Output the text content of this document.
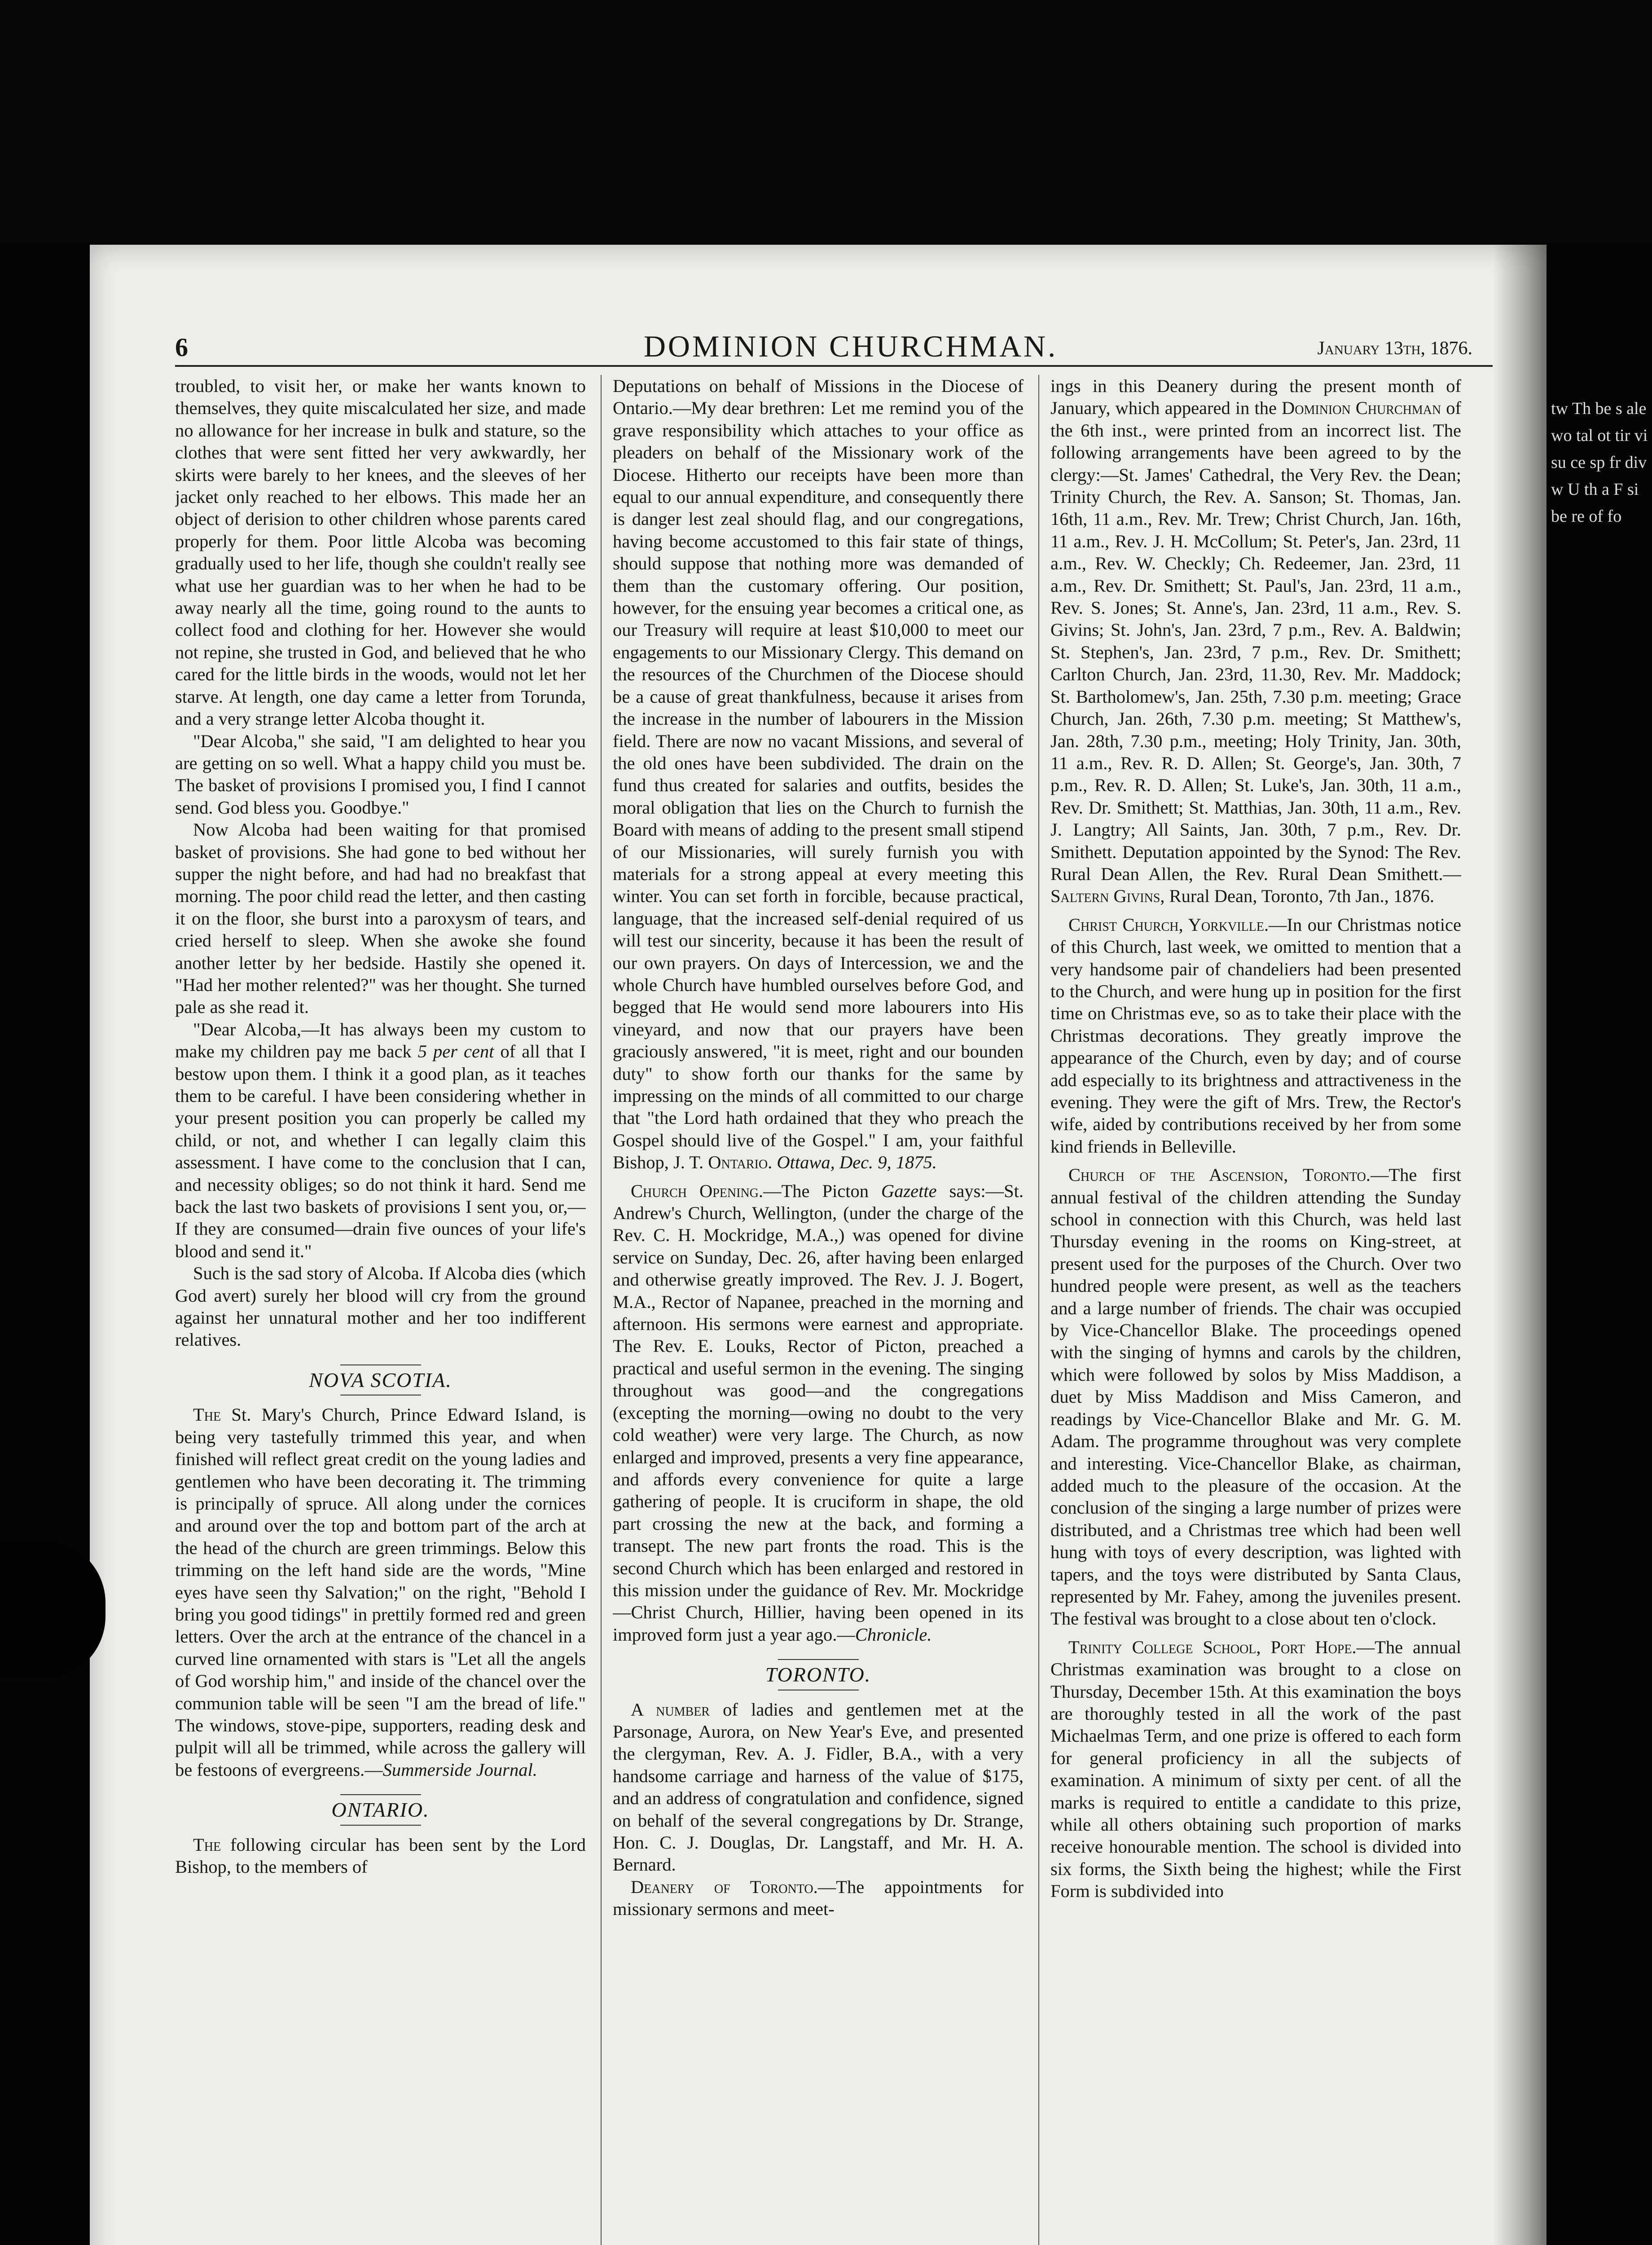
6	DOMINION CHURCHMAN.	January 13th, 1876.

troubled, to visit her, or make her wants known to themselves, they quite miscalculated her size, and made no allowance for her increase in bulk and stature, so the clothes that were sent fitted her very awkwardly, her skirts were barely to her knees, and the sleeves of her jacket only reached to her elbows. This made her an object of derision to other children whose parents cared properly for them. Poor little Alcoba was becoming gradually used to her life, though she couldn't really see what use her guardian was to her when he had to be away nearly all the time, going round to the aunts to collect food and clothing for her. However she would not repine, she trusted in God, and believed that he who cared for the little birds in the woods, would not let her starve. At length, one day came a letter from Torunda, and a very strange letter Alcoba thought it.

"Dear Alcoba," she said, "I am delighted to hear you are getting on so well. What a happy child you must be. The basket of provisions I promised you, I find I cannot send. God bless you. Goodbye."

Now Alcoba had been waiting for that promised basket of provisions. She had gone to bed without her supper the night before, and had had no breakfast that morning. The poor child read the letter, and then casting it on the floor, she burst into a paroxysm of tears, and cried herself to sleep. When she awoke she found another letter by her bedside. Hastily she opened it. "Had her mother relented?" was her thought. She turned pale as she read it.

"Dear Alcoba,—It has always been my custom to make my children pay me back 5 per cent of all that I bestow upon them. I think it a good plan, as it teaches them to be careful. I have been considering whether in your present position you can properly be called my child, or not, and whether I can legally claim this assessment. I have come to the conclusion that I can, and necessity obliges; so do not think it hard. Send me back the last two baskets of provisions I sent you, or,—If they are consumed—drain five ounces of your life's blood and send it."

Such is the sad story of Alcoba. If Alcoba dies (which God avert) surely her blood will cry from the ground against her unnatural mother and her too indifferent relatives.

NOVA SCOTIA.

The St. Mary's Church, Prince Edward Island, is being very tastefully trimmed this year, and when finished will reflect great credit on the young ladies and gentlemen who have been decorating it. The trimming is principally of spruce. All along under the cornices and around over the top and bottom part of the arch at the head of the church are green trimmings. Below this trimming on the left hand side are the words, "Mine eyes have seen thy Salvation;" on the right, "Behold I bring you good tidings" in prettily formed red and green letters. Over the arch at the entrance of the chancel in a curved line ornamented with stars is "Let all the angels of God worship him," and inside of the chancel over the communion table will be seen "I am the bread of life." The windows, stove-pipe, supporters, reading desk and pulpit will all be trimmed, while across the gallery will be festoons of evergreens.—Summerside Journal.

ONTARIO.

The following circular has been sent by the Lord Bishop, to the members of

Deputations on behalf of Missions in the Diocese of Ontario.—My dear brethren: Let me remind you of the grave responsibility which attaches to your office as pleaders on behalf of the Missionary work of the Diocese. Hitherto our receipts have been more than equal to our annual expenditure, and consequently there is danger lest zeal should flag, and our congregations, having become accustomed to this fair state of things, should suppose that nothing more was demanded of them than the customary offering. Our position, however, for the ensuing year becomes a critical one, as our Treasury will require at least $10,000 to meet our engagements to our Missionary Clergy. This demand on the resources of the Churchmen of the Diocese should be a cause of great thankfulness, because it arises from the increase in the number of labourers in the Mission field. There are now no vacant Missions, and several of the old ones have been subdivided. The drain on the fund thus created for salaries and outfits, besides the moral obligation that lies on the Church to furnish the Board with means of adding to the present small stipend of our Missionaries, will surely furnish you with materials for a strong appeal at every meeting this winter. You can set forth in forcible, because practical, language, that the increased self-denial required of us will test our sincerity, because it has been the result of our own prayers. On days of Intercession, we and the whole Church have humbled ourselves before God, and begged that He would send more labourers into His vineyard, and now that our prayers have been graciously answered, "it is meet, right and our bounden duty" to show forth our thanks for the same by impressing on the minds of all committed to our charge that "the Lord hath ordained that they who preach the Gospel should live of the Gospel." I am, your faithful Bishop, J. T. Ontario. Ottawa, Dec. 9, 1875.

Church Opening.—The Picton Gazette says:—St. Andrew's Church, Wellington, (under the charge of the Rev. C. H. Mockridge, M.A.,) was opened for divine service on Sunday, Dec. 26, after having been enlarged and otherwise greatly improved. The Rev. J. J. Bogert, M.A., Rector of Napanee, preached in the morning and afternoon. His sermons were earnest and appropriate. The Rev. E. Louks, Rector of Picton, preached a practical and useful sermon in the evening. The singing throughout was good—and the congregations (excepting the morning—owing no doubt to the very cold weather) were very large. The Church, as now enlarged and improved, presents a very fine appearance, and affords every convenience for quite a large gathering of people. It is cruciform in shape, the old part crossing the new at the back, and forming a transept. The new part fronts the road. This is the second Church which has been enlarged and restored in this mission under the guidance of Rev. Mr. Mockridge—Christ Church, Hillier, having been opened in its improved form just a year ago.—Chronicle.

TORONTO.

A number of ladies and gentlemen met at the Parsonage, Aurora, on New Year's Eve, and presented the clergyman, Rev. A. J. Fidler, B.A., with a very handsome carriage and harness of the value of $175, and an address of congratulation and confidence, signed on behalf of the several congregations by Dr. Strange, Hon. C. J. Douglas, Dr. Langstaff, and Mr. H. A. Bernard.

Deanery of Toronto.—The appointments for missionary sermons and meet-

ings in this Deanery during the present month of January, which appeared in the Dominion Churchman of the 6th inst., were printed from an incorrect list. The following arrangements have been agreed to by the clergy:—St. James' Cathedral, the Very Rev. the Dean; Trinity Church, the Rev. A. Sanson; St. Thomas, Jan. 16th, 11 a.m., Rev. Mr. Trew; Christ Church, Jan. 16th, 11 a.m., Rev. J. H. McCollum; St. Peter's, Jan. 23rd, 11 a.m., Rev. W. Checkly; Ch. Redeemer, Jan. 23rd, 11 a.m., Rev. Dr. Smithett; St. Paul's, Jan. 23rd, 11 a.m., Rev. S. Jones; St. Anne's, Jan. 23rd, 11 a.m., Rev. S. Givins; St. John's, Jan. 23rd, 7 p.m., Rev. A. Baldwin; St. Stephen's, Jan. 23rd, 7 p.m., Rev. Dr. Smithett; Carlton Church, Jan. 23rd, 11.30, Rev. Mr. Maddock; St. Bartholomew's, Jan. 25th, 7.30 p.m. meeting; Grace Church, Jan. 26th, 7.30 p.m. meeting; St Matthew's, Jan. 28th, 7.30 p.m., meeting; Holy Trinity, Jan. 30th, 11 a.m., Rev. R. D. Allen; St. George's, Jan. 30th, 7 p.m., Rev. R. D. Allen; St. Luke's, Jan. 30th, 11 a.m., Rev. Dr. Smithett; St. Matthias, Jan. 30th, 11 a.m., Rev. J. Langtry; All Saints, Jan. 30th, 7 p.m., Rev. Dr. Smithett. Deputation appointed by the Synod: The Rev. Rural Dean Allen, the Rev. Rural Dean Smithett.—Saltern Givins, Rural Dean, Toronto, 7th Jan., 1876.

Christ Church, Yorkville.—In our Christmas notice of this Church, last week, we omitted to mention that a very handsome pair of chandeliers had been presented to the Church, and were hung up in position for the first time on Christmas eve, so as to take their place with the Christmas decorations. They greatly improve the appearance of the Church, even by day; and of course add especially to its brightness and attractiveness in the evening. They were the gift of Mrs. Trew, the Rector's wife, aided by contributions received by her from some kind friends in Belleville.

Church of the Ascension, Toronto.—The first annual festival of the children attending the Sunday school in connection with this Church, was held last Thursday evening in the rooms on King-street, at present used for the purposes of the Church. Over two hundred people were present, as well as the teachers and a large number of friends. The chair was occupied by Vice-Chancellor Blake. The proceedings opened with the singing of hymns and carols by the children, which were followed by solos by Miss Maddison, a duet by Miss Maddison and Miss Cameron, and readings by Vice-Chancellor Blake and Mr. G. M. Adam. The programme throughout was very complete and interesting. Vice-Chancellor Blake, as chairman, added much to the pleasure of the occasion. At the conclusion of the singing a large number of prizes were distributed, and a Christmas tree which had been well hung with toys of every description, was lighted with tapers, and the toys were distributed by Santa Claus, represented by Mr. Fahey, among the juveniles present. The festival was brought to a close about ten o'clock.

Trinity College School, Port Hope.—The annual Christmas examination was brought to a close on Thursday, December 15th. At this examination the boys are thoroughly tested in all the work of the past Michaelmas Term, and one prize is offered to each form for general proficiency in all the subjects of examination. A minimum of sixty per cent. of all the marks is required to entitle a candidate to this prize, while all others obtaining such proportion of marks receive honourable mention. The school is divided into six forms, the Sixth being the highest; while the First Form is subdivided into

tw Th be s ale wo tal ot tir vi su ce sp fr div w U th a F si be re of fo
